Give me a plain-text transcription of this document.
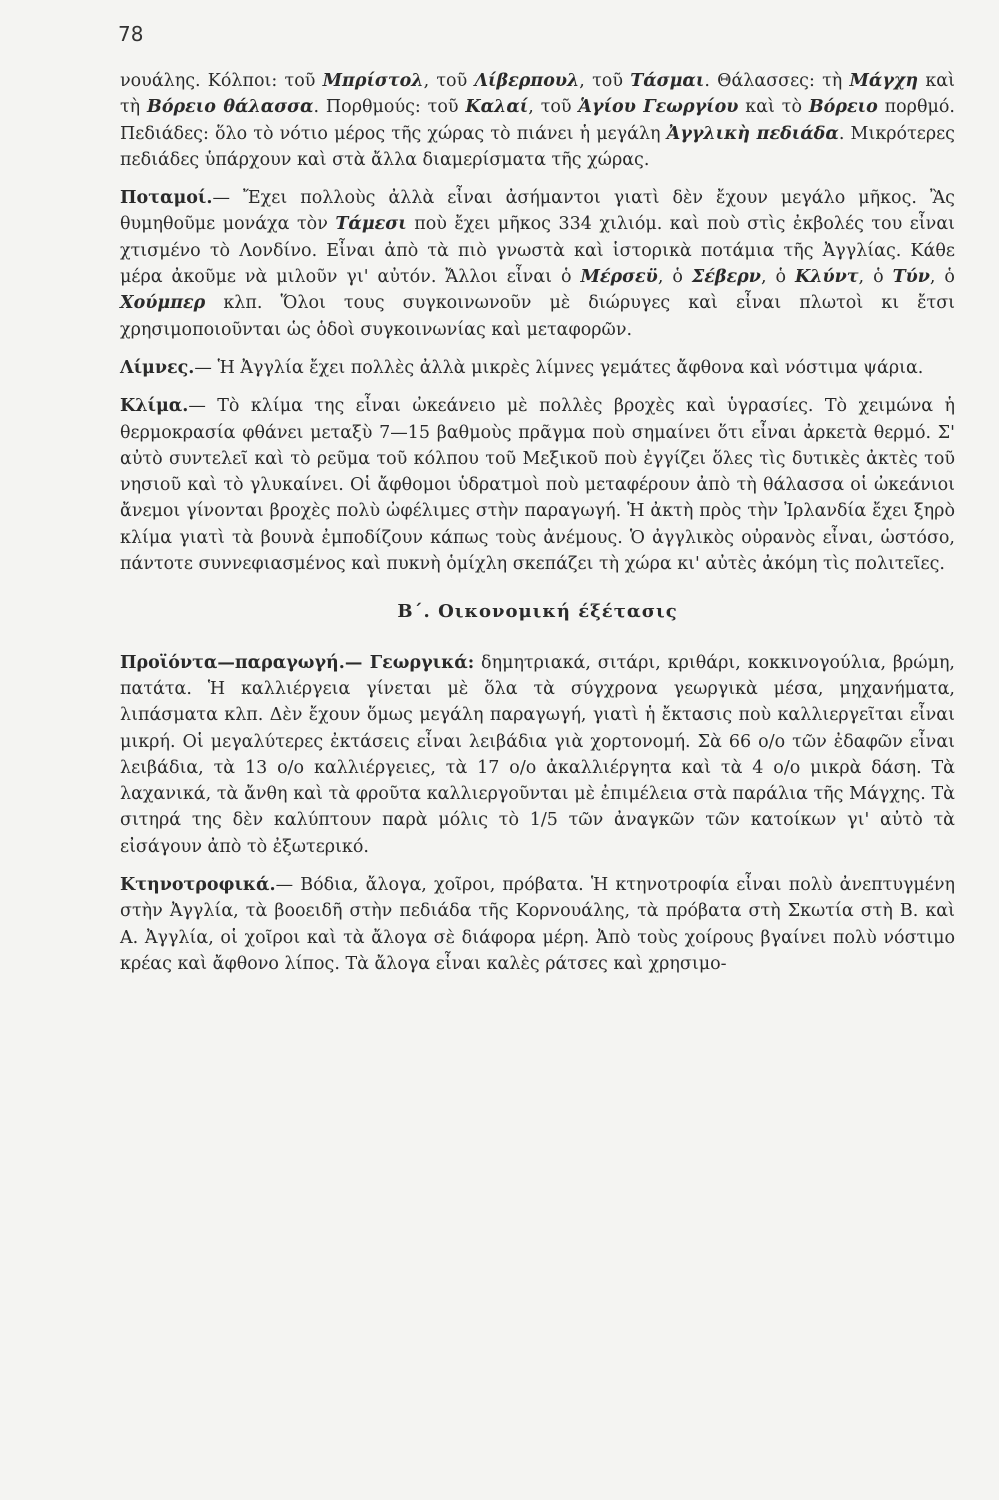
78

νουάλης. Κόλποι: τοῦ Μπρίστολ, τοῦ Λίβερπουλ, τοῦ Τάσμαι. Θάλασσες: τὴ Μάγχη καὶ τὴ Βόρειο θάλασσα. Πορθμούς: τοῦ Καλαί, τοῦ Ἁγίου Γεωργίου καὶ τὸ Βόρειο πορθμό. Πεδιάδες: ὅλο τὸ νότιο μέρος τῆς χώρας τὸ πιάνει ἡ μεγάλη Ἀγγλικὴ πεδιάδα. Μικρότερες πεδιάδες ὑπάρχουν καὶ στὰ ἄλλα διαμερίσματα τῆς χώρας.

Ποταμοί.— Ἔχει πολλοὺς ἀλλὰ εἶναι ἀσήμαντοι γιατὶ δὲν ἔχουν μεγάλο μῆκος. Ἂς θυμηθοῦμε μονάχα τὸν Τάμεσι ποὺ ἔχει μῆκος 334 χιλιόμ. καὶ ποὺ στὶς ἐκβολές του εἶναι χτισμένο τὸ Λονδίνο. Εἶναι ἀπὸ τὰ πιὸ γνωστὰ καὶ ἱστορικὰ ποτάμια τῆς Ἀγγλίας. Κάθε μέρα ἀκοῦμε νὰ μιλοῦν γι' αὐτόν. Ἄλλοι εἶναι ὁ Μέρσεϋ, ὁ Σέβερν, ὁ Κλύντ, ὁ Τύν, ὁ Χούμπερ κλπ. Ὅλοι τους συγκοινωνοῦν μὲ διώρυγες καὶ εἶναι πλωτοὶ κι ἔτσι χρησιμοποιοῦνται ὡς ὁδοὶ συγκοινωνίας καὶ μεταφορῶν.

Λίμνες.— Ἡ Ἀγγλία ἔχει πολλὲς ἀλλὰ μικρὲς λίμνες γεμάτες ἄφθονα καὶ νόστιμα ψάρια.

Κλίμα.— Τὸ κλίμα της εἶναι ὠκεάνειο μὲ πολλὲς βροχὲς καὶ ὑγρασίες. Τὸ χειμώνα ἡ θερμοκρασία φθάνει μεταξὺ 7—15 βαθμοὺς πρᾶγμα ποὺ σημαίνει ὅτι εἶναι ἀρκετὰ θερμό. Σ' αὐτὸ συντελεῖ καὶ τὸ ρεῦμα τοῦ κόλπου τοῦ Μεξικοῦ ποὺ ἐγγίζει ὅλες τὶς δυτικὲς ἀκτὲς τοῦ νησιοῦ καὶ τὸ γλυκαίνει. Οἱ ἄφθομοι ὑδρατμοὶ ποὺ μεταφέρουν ἀπὸ τὴ θάλασσα οἱ ὠκεάνιοι ἄνεμοι γίνονται βροχὲς πολὺ ὠφέλιμες στὴν παραγωγή. Ἡ ἀκτὴ πρὸς τὴν Ἰρλανδία ἔχει ξηρὸ κλίμα γιατὶ τὰ βουνὰ ἐμποδίζουν κάπως τοὺς ἀνέμους. Ὁ ἀγγλικὸς οὐρανὸς εἶναι, ὡστόσο, πάντοτε συννεφιασμένος καὶ πυκνὴ ὁμίχλη σκεπάζει τὴ χώρα κι' αὐτὲς ἀκόμη τὶς πολιτεῖες.

Β΄. Οικονομική έξέτασις

Προϊόντα—παραγωγή.— Γεωργικά: δημητριακά, σιτάρι, κριθάρι, κοκκινογούλια, βρώμη, πατάτα. Ἡ καλλιέργεια γίνεται μὲ ὅλα τὰ σύγχρονα γεωργικὰ μέσα, μηχανήματα, λιπάσματα κλπ. Δὲν ἔχουν ὅμως μεγάλη παραγωγή, γιατὶ ἡ ἔκτασις ποὺ καλλιεργεῖται εἶναι μικρή. Οἱ μεγαλύτερες ἐκτάσεις εἶναι λειβάδια γιὰ χορτονομή. Σὰ 66 ο/ο τῶν ἐδαφῶν εἶναι λειβάδια, τὰ 13 ο/ο καλλιέργειες, τὰ 17 ο/ο ἀκαλλιέργητα καὶ τὰ 4 ο/ο μικρὰ δάση. Τὰ λαχανικά, τὰ ἄνθη καὶ τὰ φροῦτα καλλιεργοῦνται μὲ ἐπιμέλεια στὰ παράλια τῆς Μάγχης. Τὰ σιτηρά της δὲν καλύπτουν παρὰ μόλις τὸ 1/5 τῶν ἀναγκῶν τῶν κατοίκων γι' αὐτὸ τὰ εἰσάγουν ἀπὸ τὸ ἐξωτερικό.

Κτηνοτροφικά.— Βόδια, ἄλογα, χοῖροι, πρόβατα. Ἡ κτηνοτροφία εἶναι πολὺ ἀνεπτυγμένη στὴν Ἀγγλία, τὰ βοοειδῆ στὴν πεδιάδα τῆς Κορνουάλης, τὰ πρόβατα στὴ Σκωτία στὴ Β. καὶ Α. Ἀγγλία, οἱ χοῖροι καὶ τὰ ἄλογα σὲ διάφορα μέρη. Ἀπὸ τοὺς χοίρους βγαίνει πολὺ νόστιμο κρέας καὶ ἄφθονο λίπος. Τὰ ἄλογα εἶναι καλὲς ράτσες καὶ χρησιμο-
